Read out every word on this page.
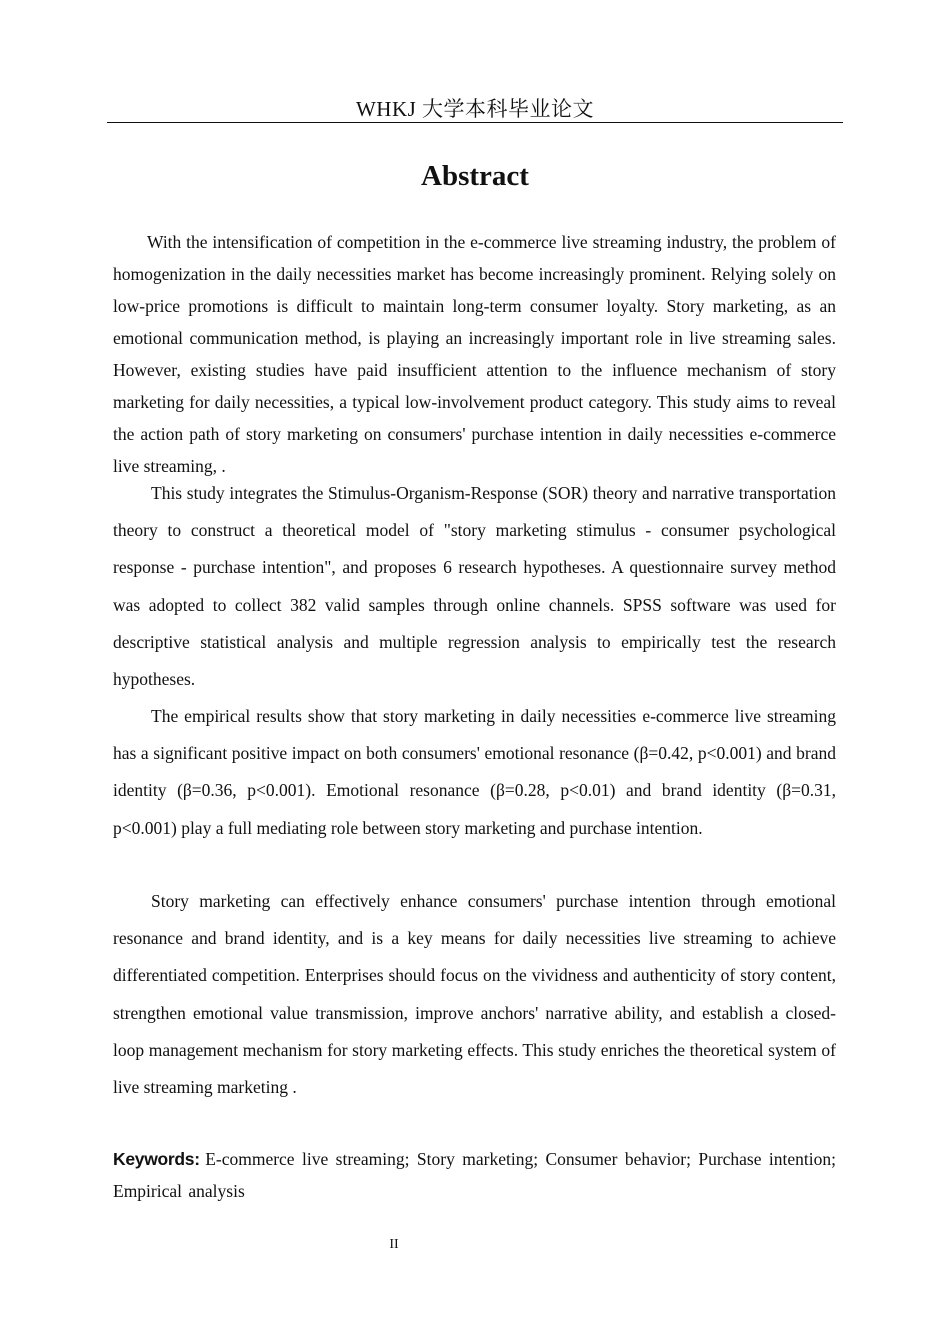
WHKJ 大学本科毕业论文
Abstract

With the intensification of competition in the e-commerce live streaming industry, the problem of homogenization in the daily necessities market has become increasingly prominent. Relying solely on low-price promotions is difficult to maintain long-term consumer loyalty. Story marketing, as an emotional communication method, is playing an increasingly important role in live streaming sales. However, existing studies have paid insufficient attention to the influence mechanism of story marketing for daily necessities, a typical low-involvement product category. This study aims to reveal the action path of story marketing on consumers' purchase intention in daily necessities e-commerce live streaming, .

This study integrates the Stimulus-Organism-Response (SOR) theory and narrative transportation theory to construct a theoretical model of "story marketing stimulus - consumer psychological response - purchase intention", and proposes 6 research hypotheses. A questionnaire survey method was adopted to collect 382 valid samples through online channels. SPSS software was used for descriptive statistical analysis and multiple regression analysis to empirically test the research hypotheses.

The empirical results show that story marketing in daily necessities e-commerce live streaming has a significant positive impact on both consumers' emotional resonance (β=0.42, p<0.001) and brand identity (β=0.36, p<0.001). Emotional resonance (β=0.28, p<0.01) and brand identity (β=0.31, p<0.001) play a full mediating role between story marketing and purchase intention.

Story marketing can effectively enhance consumers' purchase intention through emotional resonance and brand identity, and is a key means for daily necessities live streaming to achieve differentiated competition. Enterprises should focus on the vividness and authenticity of story content, strengthen emotional value transmission, improve anchors' narrative ability, and establish a closed-loop management mechanism for story marketing effects. This study enriches the theoretical system of live streaming marketing .

Keywords: E-commerce live streaming; Story marketing; Consumer behavior; Purchase intention; Empirical analysis

II
